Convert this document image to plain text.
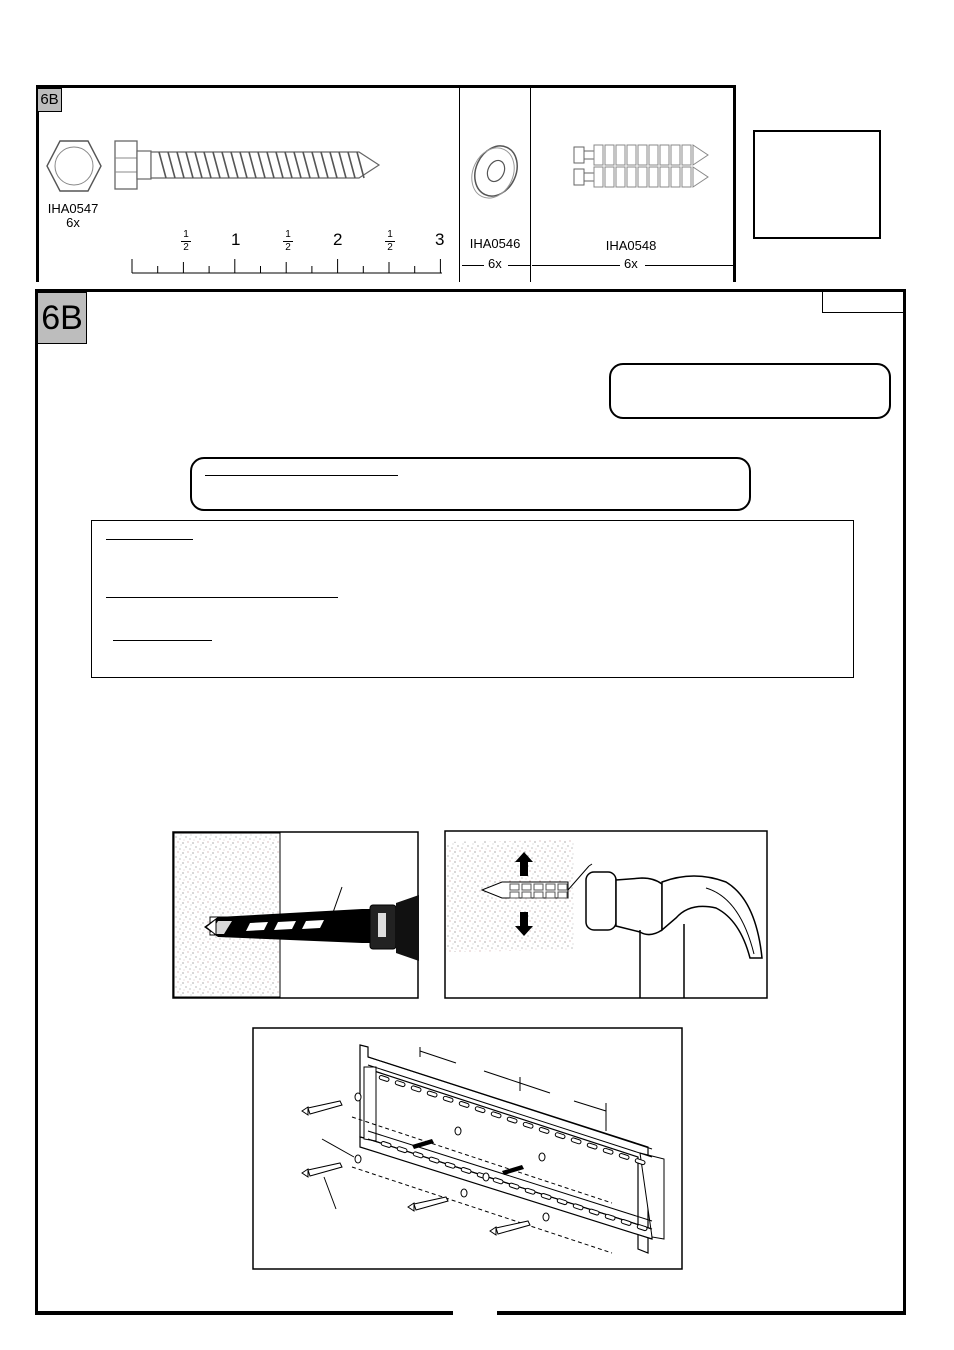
6B
IHA0547
6x
1	2	3
1
2
1
2
1
2	IHA0546
6x
IHA0548
6x
6B
